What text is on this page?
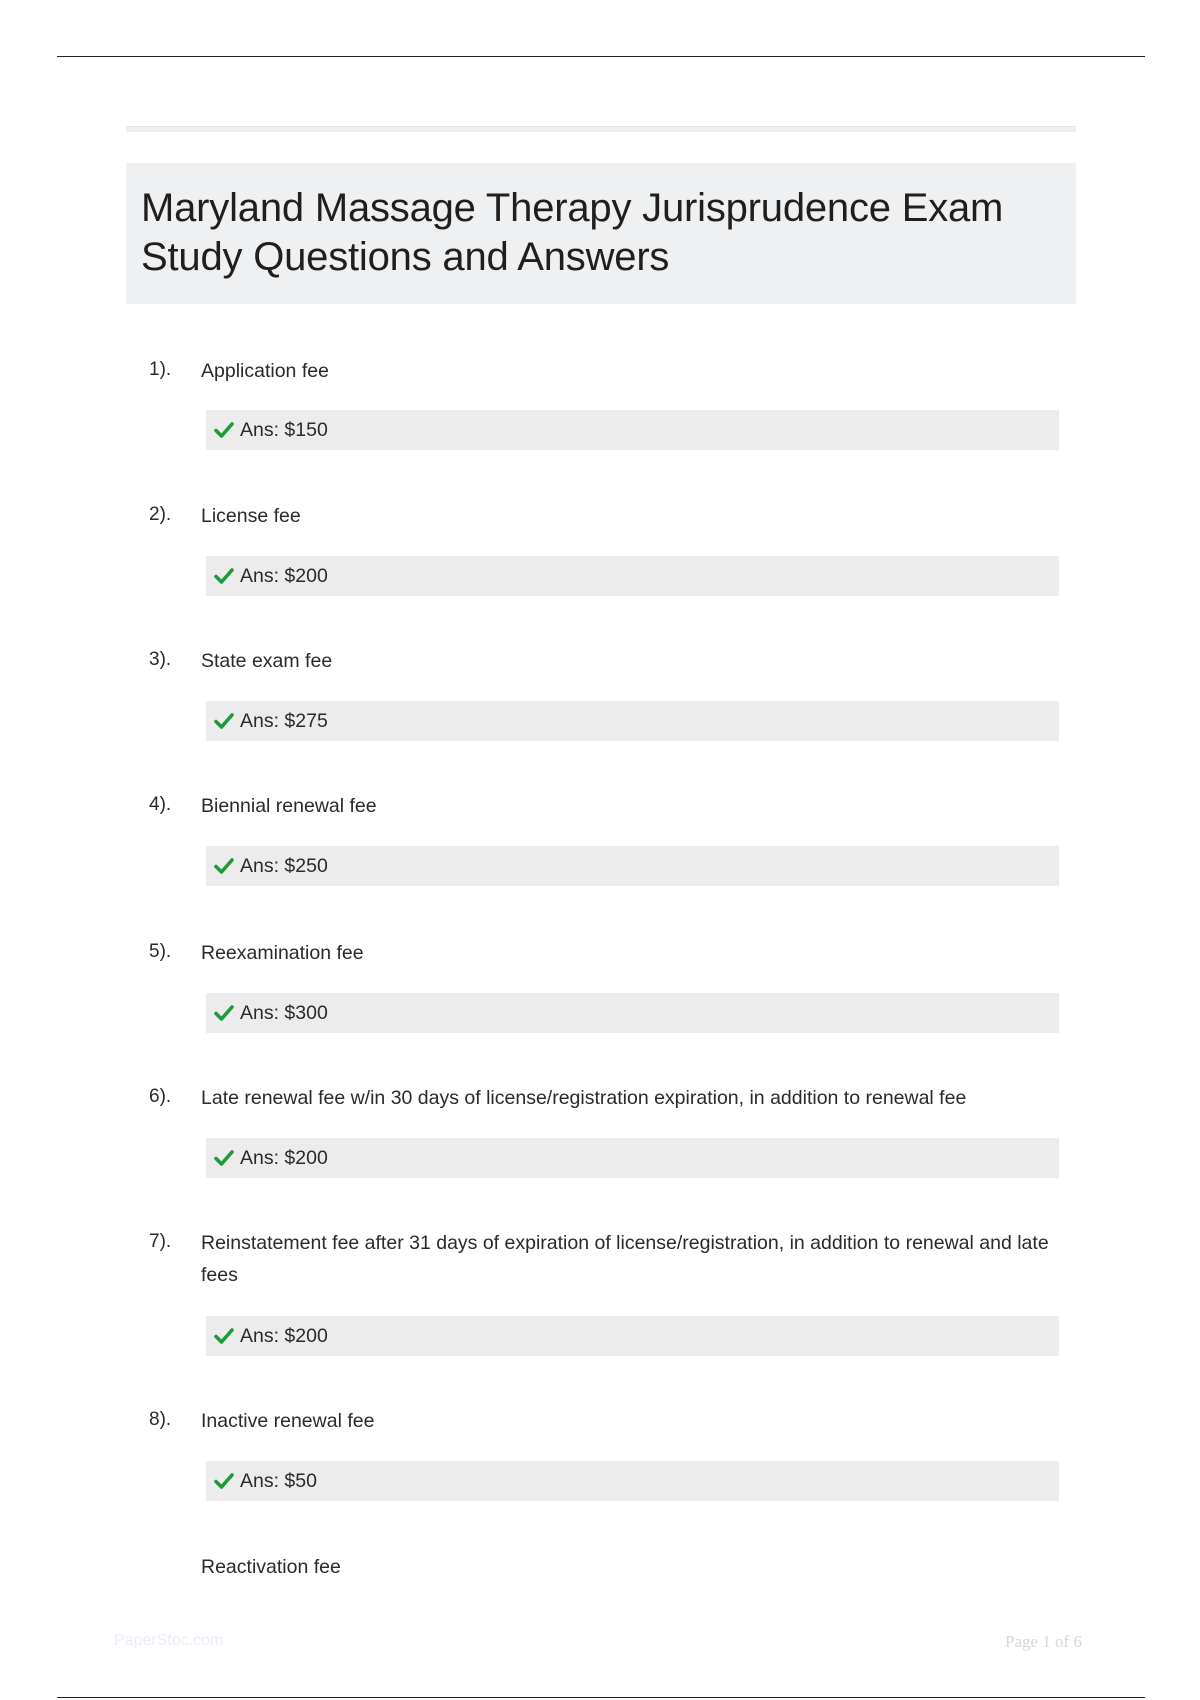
Maryland Massage Therapy Jurisprudence Exam Study Questions and Answers
1). Application fee
Ans: $150
2). License fee
Ans: $200
3). State exam fee
Ans: $275
4). Biennial renewal fee
Ans: $250
5). Reexamination fee
Ans: $300
6). Late renewal fee w/in 30 days of license/registration expiration, in addition to renewal fee
Ans: $200
7). Reinstatement fee after 31 days of expiration of license/registration, in addition to renewal and late fees
Ans: $200
8). Inactive renewal fee
Ans: $50
Reactivation fee
PaperStoc.com	Page 1 of 6
